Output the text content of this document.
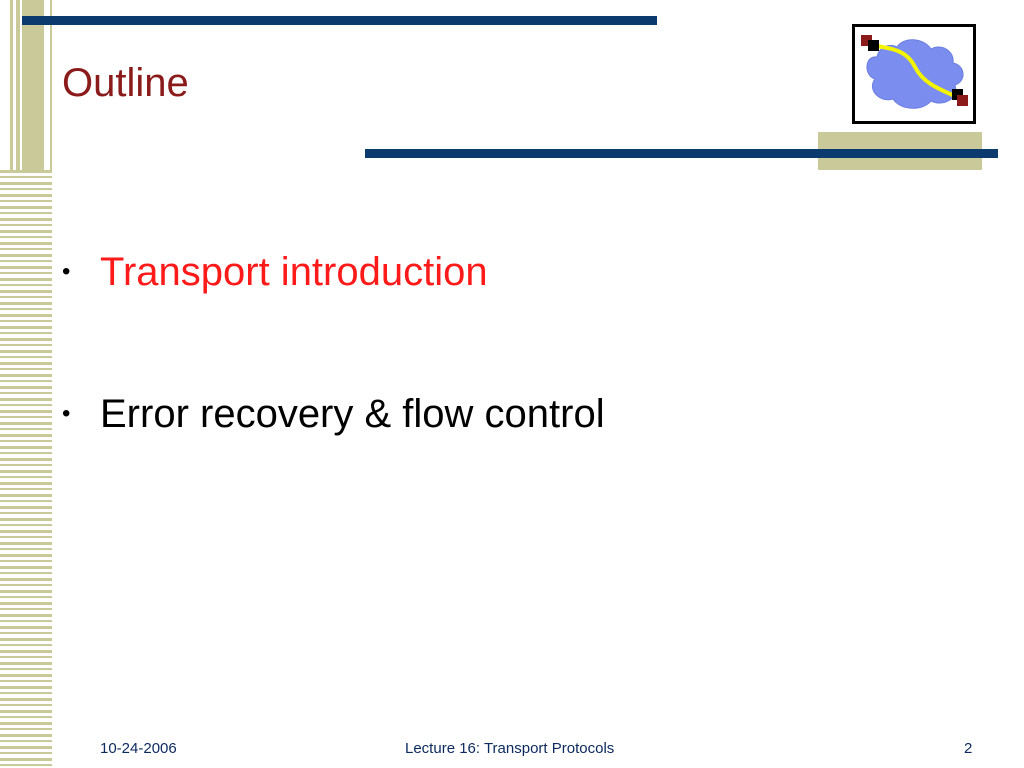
Outline
• Transport introduction
• Error recovery & flow control
10-24-2006	Lecture 16: Transport Protocols	2
